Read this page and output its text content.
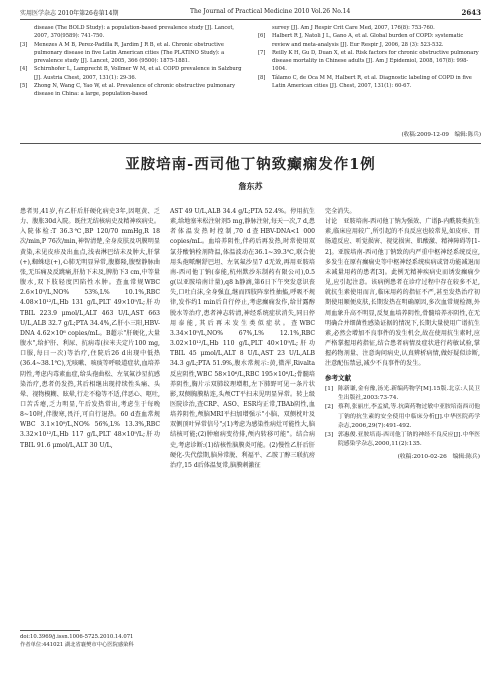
实用医学杂志 2010年第26卷第14期	The Journal of Practical Medicine 2010 Vol.26 No.14	2643
disease (The BOLD Study): a population-based prevalence study [J]. Lancet, 2007, 370(9589): 741-750.
[3]	Menezes A M B, Perez-Padilla R, Jardim J R B, et al. Chronic obstructive pulmonary disease in five Latin American cities (The PLATINO Study): a prevalence study [J]. Lancet, 2005, 366 (9500): 1875-1881.
[4]	Schirnhofer L, Lamprecht B, Vollmer W M, et al. COPD prevalence in Salzburg [J]. Austria Chest, 2007, 131(1): 29-36.
[5]	Zhong N, Wang C, Yao W, et al. Prevalence of chronic obstructive pulmonary disease in China: a large, population-based
survey [J]. Am J Respir Crit Care Med, 2007, 176(8): 753-760.
[6]	Halbert R J, Natoli J L, Gano A, et al. Global burden of COPD: systematic review and meta-analysis [J]. Eur Respir J, 2006, 28 (3): 523-532.
[7]	Reilly K H, Gu D, Duan X, et al. Risk factors for chronic obstructive pulmonary disease mortality in Chinese adults [J]. Am J Epidemiol, 2008, 167(8): 998-1004.
[8]	Tálamo C, de Oca M M, Halbert R, et al. Diagnostic labeling of COPD in five Latin American cities [J]. Chest, 2007, 131(1): 60-67.
(收稿:2009-12-09　编辑:陈兵)
亚胺培南-西司他丁钠致癫痫发作1例
詹东苏

患者男,41岁,有乙肝后肝硬化病史3年,因呕黄、乏力、腹胀30d入院。既往无结核病史及精神疾病史。入院体检:T 36.3℃,BP 120/70 mmHg,R 18次/min,P 76次/min,神智清楚,全身皮肤及巩膜明显黄染,未见皮疹及出血点,浅表淋巴结未及肿大,肝掌(+),蜘蛛痣(+),心肺无明显异常,腹膨隆,腹壁静脉曲张,无压痛及反跳痛,肝肋下未及,脾肋下3 cm,中等量腹水,双下肢轻度凹陷性水肿。查血常规WBC 2.6×10⁹/L,NO% 53%,L% 10.1%,RBC 4.08×10¹²/L,Hb 131 g/L,PLT 49×10⁹/L;肝功TBIL 223.9 μmol/L,ALT 463 U/L,AST 663 U/L,ALB 32.7 g/L;PTA 34.4%,乙肝小三阳,HBV-DNA 4.62×10⁶ copies/mL。B超示"肝硬化,大量腹水",给护肝、利尿、抗病毒(拉米夫定片100 mg,口服,每日一次)等治疗,住院后26 d出现中低热(36.4~38.1℃),无咳嗽、咳痰等呼吸道症状,血培养阴性,考虑内毒素血症,给头孢曲松、左氧氟沙星抗感染治疗,患者仍发热,其后相继出现持续性头痛、头晕、视物模糊、眩晕,行走不稳等不适,伴恶心、呕吐,口苦舌瘪,乏力明显,午后发热常出,考虑生于每晚8~10时,伴腹寒,畏汗,可自行退热。60 d查血常规WBC 3.1×10⁹/L,NO% 56%,L% 13.3%,RBC 3.32×10¹²/L,Hb 117 g/L,PLT 48×10⁹/L;肝功TBIL 91.6 μmol/L,ALT 30 U/L,

AST 49 U/L,ALB 34.4 g/L;PTA 52.4%。停用抗生素,给地塞米松注射剂5 mg,静脉注射,每天一次,7 d,患者体温发热时控制,70 d查HBV-DNA<1 000 copies/mL。血培养阴性,伴药后再发热,时常使用双氯芬酸钠栓剂降温,体温波动在36.1~39.3℃,联合使用头孢哌酮舒巴坦、左氧氟沙星7 d无效,再用亚胺培南-西司他丁钠(泰能,杭州默沙东制药有限公司),0.5 g(以亚胺培南计量),q8 h静滴,第6日下午突发意识丧失,口吐白沫,全身强直,继而四肢阵挛性抽搐,呼吸不规律,发作约1 min后自行停止,考虑癫痫发作,给甘露醇脱水等治疗,患者神志转清,神经系统症状消失,同日停用泰能,其后再未发生类似症状。查WBC 3.34×10⁹/L,NO% 67%,L% 12.1%,RBC 3.02×10¹²/L,Hb 110 g/L,PLT 40×10⁹/L;肝功TBIL 45 μmol/L,ALT 8 U/L,AST 23 U/L,ALB 34.3 g/L;PTA 51.9%,腹水常规示:黄,微浑,Rivalta反应阴性,WBC 58×10⁶/L,RBC 195×10⁶/L;骨髓培养阴性,胸片示双肺纹理增粗,左下肺野可见一条片状影,双侧胸膜粘连,头颅CT平扫未见明显异常。转上级医院诊治,查CRP、ASO、ESR均正常,TBAb阴性,血培养阴性,颅脑MRI平扫加增强示"小脑、双侧枕叶及双侧顶叶异常信号";(1)考虑为感染性病灶可能性大,脑结核可能;(2)肿瘤病变待排,颅内转移可能"。结合病史,考虑诊断:(1)结核性脑膜炎可能。(2)慢性乙肝后肝硬化-失代偿期,脑异常脱、利福平、乙胺丁醇三联抗痨治疗,15 d后体温复常,脑膜刺激征

完全消失。

讨论　亚胺培南-西司他丁钠为强效、广谱β-内酰胺类抗生素,临床应用较广,所引起的不良反应也较常见,如皮疹、胃肠道反应、听觉损害、视觉损害、肌酸激、精神障碍等[1-2]。亚胺培南-西司他丁钠致的内严重中枢神经系统反应,多发生在原有癫痫史等中枢神经系统疾病或肾功能减退而未减量用药的患者[3]。此例无精神疾病史而诱发癫痫少见,应引起注意。该病例患者在诊疗过程中存在较多不足,就抗生素使用而言,临床用药的指征不严,甚至发热治疗初期使用顺便皮肤,长期发热在明确原因,多次血常规检测,外周血象升高不明显,反复血培养阴性,骨髓培养亦阴性,在无明确合并细菌性感染证据的情况下,长期大量使用广谱抗生素,必然会增加不良事件的发生机会,故在使用抗生素时,应严格掌握用药指征,结合患者病情及症状进行药敏试验,掌握药物剂量、注意询问病史,认真辨析病情,做好疑似诊断,注意配伍禁忌,减少不良事件的发生。

参考文献

[1] 陈新谦,金有豫,汤光.新编药物学[M].15版.北京:人民卫生出版社,2003:73-74.
[2] 蔡利,张丽庄,李孟斌,等.抗菌药物过敏中亚胺培南西司他丁钠的抗生素的安全使用中临床分析[J].中华医院药学杂志,2006,29(7):491-492.
[3] 郭惠俊.亚胺培南-西司他丁钠的神经不良反应[J].中华医院感染学杂志,2000,11(2):135.

(收稿:2010-02-26　编辑:陈兵)

doi:10.3969/j.issn.1006-5725.2010.14.071
作者单位:441021 湖北省襄樊市中心医院感染科
